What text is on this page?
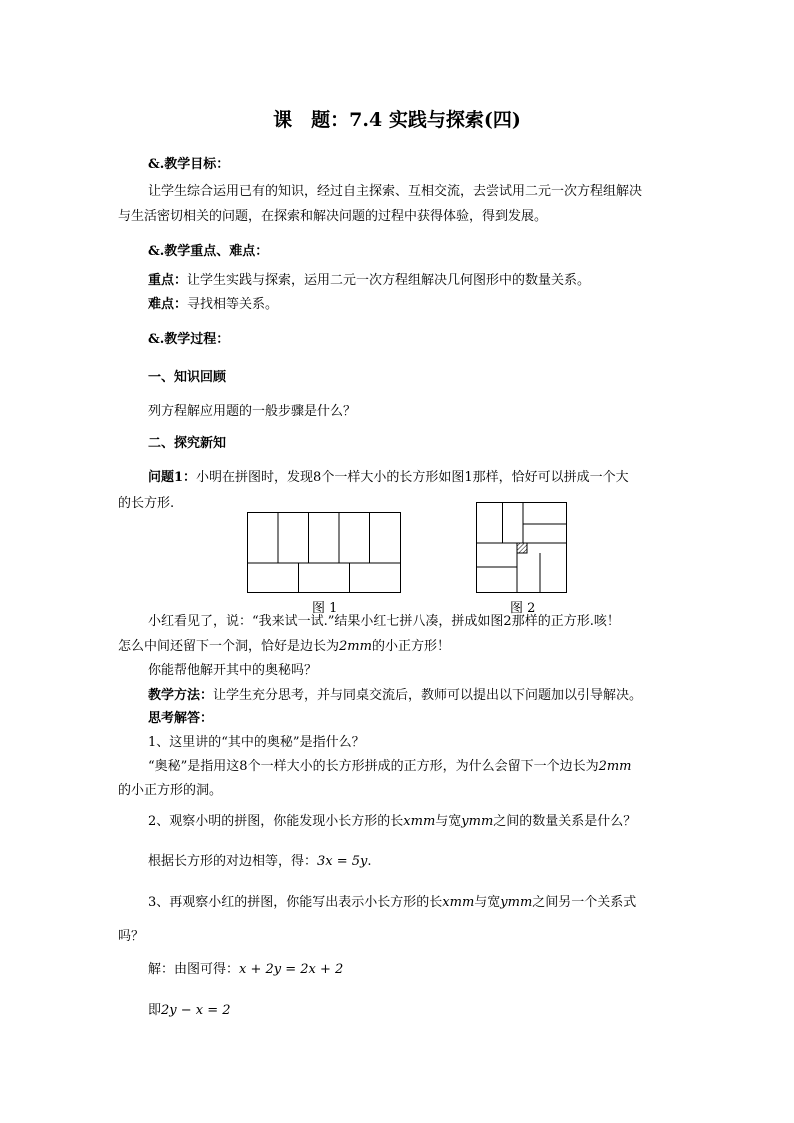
课　题：7.4 实践与探索(四)
&.教学目标：
让学生综合运用已有的知识，经过自主探索、互相交流，去尝试用二元一次方程组解决
与生活密切相关的问题，在探索和解决问题的过程中获得体验，得到发展。
&.教学重点、难点：
重点：让学生实践与探索，运用二元一次方程组解决几何图形中的数量关系。
难点：寻找相等关系。
&.教学过程：
一、知识回顾
列方程解应用题的一般步骤是什么？
二、探究新知
问题1：小明在拼图时，发现8个一样大小的长方形如图1那样，恰好可以拼成一个大
的长方形.
图 1	图 2
小红看见了，说：“我来试一试.”结果小红七拼八凑，拼成如图2那样的正方形.咳！
怎么中间还留下一个洞，恰好是边长为2mm的小正方形！
你能帮他解开其中的奥秘吗？
教学方法：让学生充分思考，并与同桌交流后，教师可以提出以下问题加以引导解决。
思考解答：
1、这里讲的“其中的奥秘”是指什么？
“奥秘”是指用这8个一样大小的长方形拼成的正方形，为什么会留下一个边长为2mm
的小正方形的洞。
2、观察小明的拼图，你能发现小长方形的长xmm与宽ymm之间的数量关系是什么？
根据长方形的对边相等，得：3x = 5y.
3、再观察小红的拼图，你能写出表示小长方形的长xmm与宽ymm之间另一个关系式
吗？
解：由图可得：x + 2y = 2x + 2
即2y − x = 2
